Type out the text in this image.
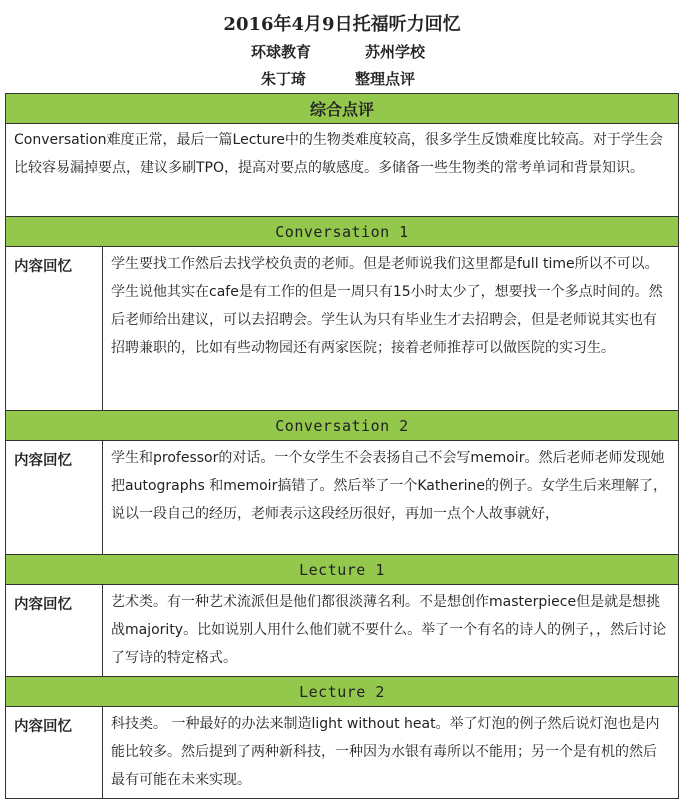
2016年4月9日托福听力回忆
环球教育	苏州学校
朱丁琦	整理点评
综合点评	
Conversation难度正常，最后一篇Lecture中的生物类难度较高，很多学生反馈难度比较高。对于学生会比较容易漏掉要点，建议多刷TPO，提高对要点的敏感度。多储备一些生物类的常考单词和背景知识。	
Conversation 1	
内容回忆	学生要找工作然后去找学校负责的老师。但是老师说我们这里都是full time所以不可以。学生说他其实在cafe是有工作的但是一周只有15小时太少了，想要找一个多点时间的。然后老师给出建议，可以去招聘会。学生认为只有毕业生才去招聘会，但是老师说其实也有招聘兼职的，比如有些动物园还有两家医院；接着老师推荐可以做医院的实习生。
Conversation 2	
内容回忆	学生和professor的对话。一个女学生不会表扬自己不会写memoir。然后老师老师发现她把autographs 和memoir搞错了。然后举了一个Katherine的例子。女学生后来理解了，说以一段自己的经历，老师表示这段经历很好，再加一点个人故事就好，
Lecture 1	
内容回忆	艺术类。有一种艺术流派但是他们都很淡薄名利。不是想创作masterpiece但是就是想挑战majority。比如说别人用什么他们就不要什么。举了一个有名的诗人的例子，，然后讨论了写诗的特定格式。
Lecture 2	
内容回忆	科技类。 一种最好的办法来制造light without heat。举了灯泡的例子然后说灯泡也是内能比较多。然后提到了两种新科技，一种因为水银有毒所以不能用；另一个是有机的然后最有可能在未来实现。
